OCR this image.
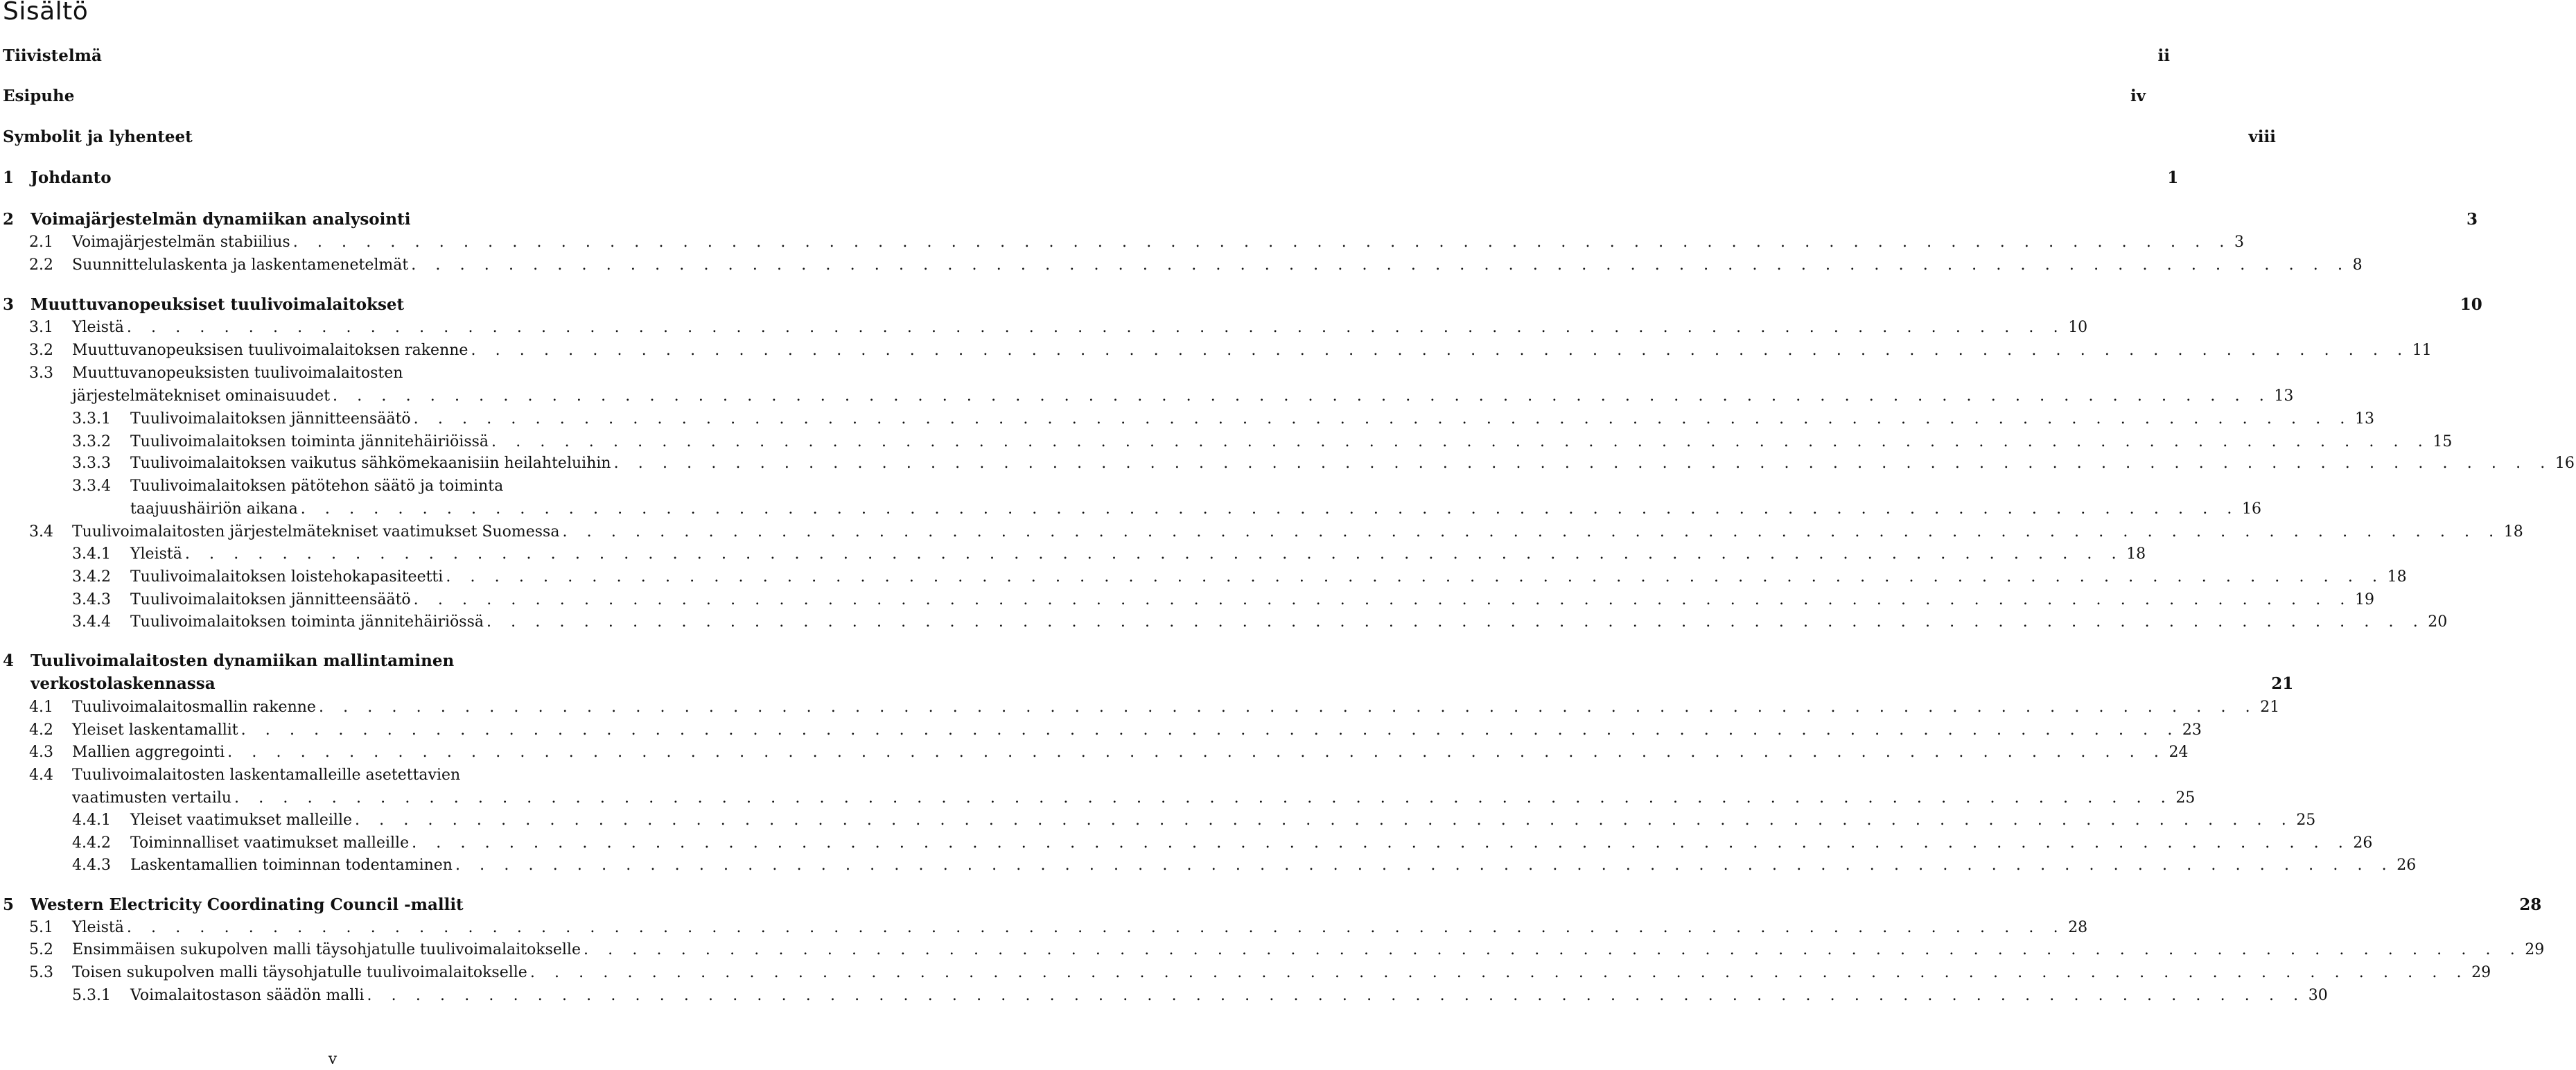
Sisältö
Tiivistelmä	ii
Esipuhe	iv
Symbolit ja lyhenteet	viii
1	Johdanto	1
2	Voimajärjestelmän dynamiikan analysointi	3
2.1	Voimajärjestelmän stabiilius . . . . . . . . . . . . . . . . . . . . . . . . . . . . . . . . . . . . . . . . . . . . . . . . . . . . . . . . . . . . . . . . . . . . . . . . . . . . . . . . 3
2.2	Suunnittelulaskenta ja laskentamenetelmät . . . . . . . . . . . . . . . . . . . . . . . . . . . . . . . . . . . . . . . . . . . . . . . . . . . . . . . . . . . . . . . . . . . . . . . . . . . . . . . . 8
3	Muuttuvanopeuksiset tuulivoimalaitokset	10
3.1	Yleistä . . . . . . . . . . . . . . . . . . . . . . . . . . . . . . . . . . . . . . . . . . . . . . . . . . . . . . . . . . . . . . . . . . . . . . . . . . . . . . . . 10
3.2	Muuttuvanopeuksisen tuulivoimalaitoksen rakenne . . . . . . . . . . . . . . . . . . . . . . . . . . . . . . . . . . . . . . . . . . . . . . . . . . . . . . . . . . . . . . . . . . . . . . . . . . . . . . . . 11
3.3	Muuttuvanopeuksisten tuulivoimalaitosten
järjestelmätekniset ominaisuudet . . . . . . . . . . . . . . . . . . . . . . . . . . . . . . . . . . . . . . . . . . . . . . . . . . . . . . . . . . . . . . . . . . . . . . . . . . . . . . . . 13
3.3.1	Tuulivoimalaitoksen jännitteensäätö . . . . . . . . . . . . . . . . . . . . . . . . . . . . . . . . . . . . . . . . . . . . . . . . . . . . . . . . . . . . . . . . . . . . . . . . . . . . . . . . 13
3.3.2	Tuulivoimalaitoksen toiminta jännitehäiriöissä . . . . . . . . . . . . . . . . . . . . . . . . . . . . . . . . . . . . . . . . . . . . . . . . . . . . . . . . . . . . . . . . . . . . . . . . . . . . . . . . 15
3.3.3	Tuulivoimalaitoksen vaikutus sähkömekaanisiin heilahteluihin . . . . . . . . . . . . . . . . . . . . . . . . . . . . . . . . . . . . . . . . . . . . . . . . . . . . . . . . . . . . . . . . . . . . . . . . . . . . . . . . 16
3.3.4	Tuulivoimalaitoksen pätötehon säätö ja toiminta
taajuushäiriön aikana . . . . . . . . . . . . . . . . . . . . . . . . . . . . . . . . . . . . . . . . . . . . . . . . . . . . . . . . . . . . . . . . . . . . . . . . . . . . . . . . 16
3.4	Tuulivoimalaitosten järjestelmätekniset vaatimukset Suomessa . . . . . . . . . . . . . . . . . . . . . . . . . . . . . . . . . . . . . . . . . . . . . . . . . . . . . . . . . . . . . . . . . . . . . . . . . . . . . . . . 18
3.4.1	Yleistä . . . . . . . . . . . . . . . . . . . . . . . . . . . . . . . . . . . . . . . . . . . . . . . . . . . . . . . . . . . . . . . . . . . . . . . . . . . . . . . . 18
3.4.2	Tuulivoimalaitoksen loistehokapasiteetti . . . . . . . . . . . . . . . . . . . . . . . . . . . . . . . . . . . . . . . . . . . . . . . . . . . . . . . . . . . . . . . . . . . . . . . . . . . . . . . . 18
3.4.3	Tuulivoimalaitoksen jännitteensäätö . . . . . . . . . . . . . . . . . . . . . . . . . . . . . . . . . . . . . . . . . . . . . . . . . . . . . . . . . . . . . . . . . . . . . . . . . . . . . . . . 19
3.4.4	Tuulivoimalaitoksen toiminta jännitehäiriössä . . . . . . . . . . . . . . . . . . . . . . . . . . . . . . . . . . . . . . . . . . . . . . . . . . . . . . . . . . . . . . . . . . . . . . . . . . . . . . . . 20
4	Tuulivoimalaitosten dynamiikan mallintaminen
verkostolaskennassa	21
4.1	Tuulivoimalaitosmallin rakenne . . . . . . . . . . . . . . . . . . . . . . . . . . . . . . . . . . . . . . . . . . . . . . . . . . . . . . . . . . . . . . . . . . . . . . . . . . . . . . . . 21
4.2	Yleiset laskentamallit . . . . . . . . . . . . . . . . . . . . . . . . . . . . . . . . . . . . . . . . . . . . . . . . . . . . . . . . . . . . . . . . . . . . . . . . . . . . . . . . 23
4.3	Mallien aggregointi . . . . . . . . . . . . . . . . . . . . . . . . . . . . . . . . . . . . . . . . . . . . . . . . . . . . . . . . . . . . . . . . . . . . . . . . . . . . . . . . 24
4.4	Tuulivoimalaitosten laskentamalleille asetettavien
vaatimusten vertailu . . . . . . . . . . . . . . . . . . . . . . . . . . . . . . . . . . . . . . . . . . . . . . . . . . . . . . . . . . . . . . . . . . . . . . . . . . . . . . . . 25
4.4.1	Yleiset vaatimukset malleille . . . . . . . . . . . . . . . . . . . . . . . . . . . . . . . . . . . . . . . . . . . . . . . . . . . . . . . . . . . . . . . . . . . . . . . . . . . . . . . . 25
4.4.2	Toiminnalliset vaatimukset malleille . . . . . . . . . . . . . . . . . . . . . . . . . . . . . . . . . . . . . . . . . . . . . . . . . . . . . . . . . . . . . . . . . . . . . . . . . . . . . . . . 26
4.4.3	Laskentamallien toiminnan todentaminen . . . . . . . . . . . . . . . . . . . . . . . . . . . . . . . . . . . . . . . . . . . . . . . . . . . . . . . . . . . . . . . . . . . . . . . . . . . . . . . . 26
5	Western Electricity Coordinating Council -mallit	28
5.1	Yleistä . . . . . . . . . . . . . . . . . . . . . . . . . . . . . . . . . . . . . . . . . . . . . . . . . . . . . . . . . . . . . . . . . . . . . . . . . . . . . . . . 28
5.2	Ensimmäisen sukupolven malli täysohjatulle tuulivoimalaitokselle . . . . . . . . . . . . . . . . . . . . . . . . . . . . . . . . . . . . . . . . . . . . . . . . . . . . . . . . . . . . . . . . . . . . . . . . . . . . . . . . 29
5.3	Toisen sukupolven malli täysohjatulle tuulivoimalaitokselle . . . . . . . . . . . . . . . . . . . . . . . . . . . . . . . . . . . . . . . . . . . . . . . . . . . . . . . . . . . . . . . . . . . . . . . . . . . . . . . . 29
5.3.1	Voimalaitostason säädön malli . . . . . . . . . . . . . . . . . . . . . . . . . . . . . . . . . . . . . . . . . . . . . . . . . . . . . . . . . . . . . . . . . . . . . . . . . . . . . . . . 30
v
